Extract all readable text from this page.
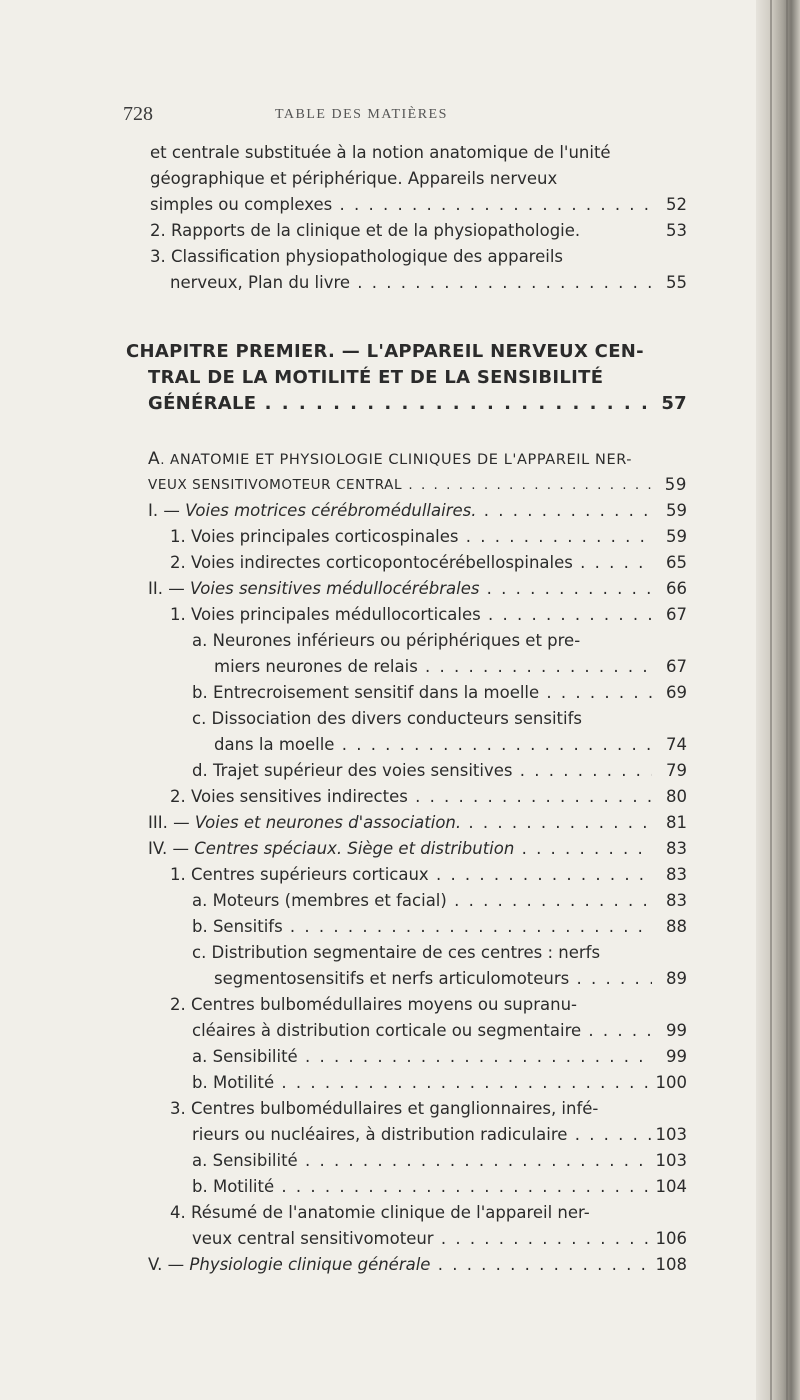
728	TABLE DES MATIÈRES
et centrale substituée à la notion anatomique de l'unité
géographique et périphérique. Appareils nerveux
simples ou complexes . . .	52
2. Rapports de la clinique et de la physiopathologie.	53
3. Classification physiopathologique des appareils
nerveux, Plan du livre . . .	55
CHAPITRE PREMIER. — L'APPAREIL NERVEUX CEN-
TRAL DE LA MOTILITÉ ET DE LA SENSIBILITÉ
GÉNÉRALE . . .	57
A. ANATOMIE ET PHYSIOLOGIE CLINIQUES DE L'APPAREIL NER-
VEUX SENSITIVOMOTEUR CENTRAL . . .	59
I. — Voies motrices cérébromédullaires. . . .	59
1. Voies principales corticospinales . . .	59
2. Voies indirectes corticopontocérébellospinales . . .	65
II. — Voies sensitives médullocérébrales . . .	66
1. Voies principales médullocorticales . . .	67
a. Neurones inférieurs ou périphériques et pre-
miers neurones de relais . . .	67
b. Entrecroisement sensitif dans la moelle . . .	69
c. Dissociation des divers conducteurs sensitifs
dans la moelle . . .	74
d. Trajet supérieur des voies sensitives . . .	79
2. Voies sensitives indirectes . . .	80
III. — Voies et neurones d'association. . . .	81
IV. — Centres spéciaux. Siège et distribution . . .	83
1. Centres supérieurs corticaux . . .	83
a. Moteurs (membres et facial) . . .	83
b. Sensitifs . . .	88
c. Distribution segmentaire de ces centres : nerfs
segmentosensitifs et nerfs articulomoteurs . . .	89
2. Centres bulbomédullaires moyens ou supranu-
cléaires à distribution corticale ou segmentaire . . .	99
a. Sensibilité . . .	99
b. Motilité . . .	100
3. Centres bulbomédullaires et ganglionnaires, infé-
rieurs ou nucléaires, à distribution radiculaire . . .	103
a. Sensibilité . . .	103
b. Motilité . . .	104
4. Résumé de l'anatomie clinique de l'appareil ner-
veux central sensitivomoteur . . .	106
V. — Physiologie clinique générale . . .	108
